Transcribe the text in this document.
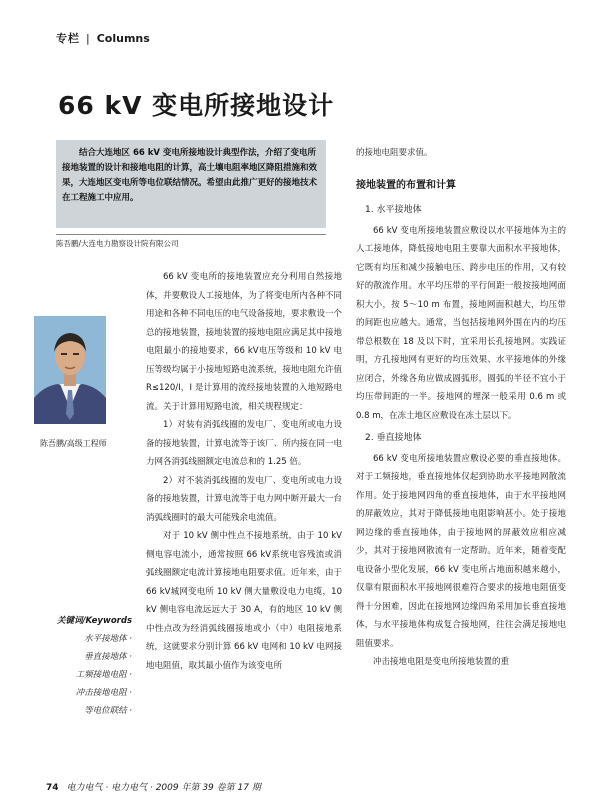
专栏 | Columns
66 kV 变电所接地设计

结合大连地区 66 kV 变电所接地设计典型作法，介绍了变电所接地装置的设计和接地电阻的计算，高土壤电阻率地区降阻措施和效果，大连地区变电所等电位联结情况。希望由此推广更好的接地技术在工程施工中应用。

陈吾鹏/大连电力勘察设计院有限公司
陈吾鹏/高级工程师
关键词/Keywords
水平接地体 ·
垂直接地体 ·
工频接地电阻 ·
冲击接地电阻 ·
等电位联结 ·

66 kV 变电所的接地装置应充分利用自然接地体，并要敷设人工接地体，为了将变电所内各种不同用途和各种不同电压的电气设备接地，要求敷设一个总的接地装置，接地装置的接地电阻应满足其中接地电阻最小的接地要求，66 kV电压等级和 10 kV 电压等级均属于小接地短路电流系统，接地电阻允许值 R≤120/I，I 是计算用的流经接地装置的入地短路电流。关于计算用短路电流，相关规程规定：

1）对装有消弧线圈的发电厂、变电所或电力设备的接地装置，计算电流等于该厂、所内接在同一电力网各消弧线圈额定电流总和的 1.25 倍。

2）对不装消弧线圈的发电厂、变电所或电力设备的接地装置，计算电流等于电力网中断开最大一台消弧线圈时的最大可能残余电流值。

对于 10 kV 侧中性点不接地系统，由于 10 kV 侧电容电流小，通常按照 66 kV系统电容残流或消弧线圈额定电流计算接地电阻要求值。近年来，由于 66 kV城网变电所 10 kV 侧大量敷设电力电缆，10 kV 侧电容电流远远大于 30 A，有的地区 10 kV 侧中性点改为经消弧线圈接地或小（中）电阻接地系统，这就要求分别计算 66 kV 电网和 10 kV 电网接地电阻值，取其最小值作为该变电所

的接地电阻要求值。

接地装置的布置和计算
1. 水平接地体

66 kV 变电所接地装置应敷设以水平接地体为主的人工接地体，降低接地电阻主要靠大面积水平接地体，它既有均压和减少接触电压、跨步电压的作用，又有较好的散流作用。水平均压带的平行间距一般按接地网面积大小，按 5～10 m 布置，接地网面积越大，均压带的间距也应越大。通常，当包括接地网外围在内的均压带总根数在 18 及以下时，宜采用长孔接地网。实践证明，方孔接地网有更好的均压效果、水平接地体的外缘应闭合，外缘各角应做成圆弧形，圆弧的半径不宜小于均压带间距的一半。接地网的埋深一般采用 0.6 m 或 0.8 m，在冻土地区应敷设在冻土层以下。

2. 垂直接地体

66 kV 变电所接地装置应敷设必要的垂直接地体。对于工频接地，垂直接地体仅起到协助水平接地网散流作用。处于接地网四角的垂直接地体，由于水平接地网的屏蔽效应，其对于降低接地电阻影响甚小。处于接地网边缘的垂直接地体，由于接地网的屏蔽效应相应减少，其对于接地网散流有一定帮助。近年来，随着变配电设备小型化发展，66 kV 变电所占地面积越来越小，仅靠有限面积水平接地网很难符合要求的接地电阻值变得十分困难，因此在接地网边缘四角采用加长垂直接地体，与水平接地体构成复合接地网，往往会满足接地电阻值要求。

冲击接地电阻是变电所接地装置的重

74 电力电气 · 电力电气 · 2009 年第 39 卷第 17 期
